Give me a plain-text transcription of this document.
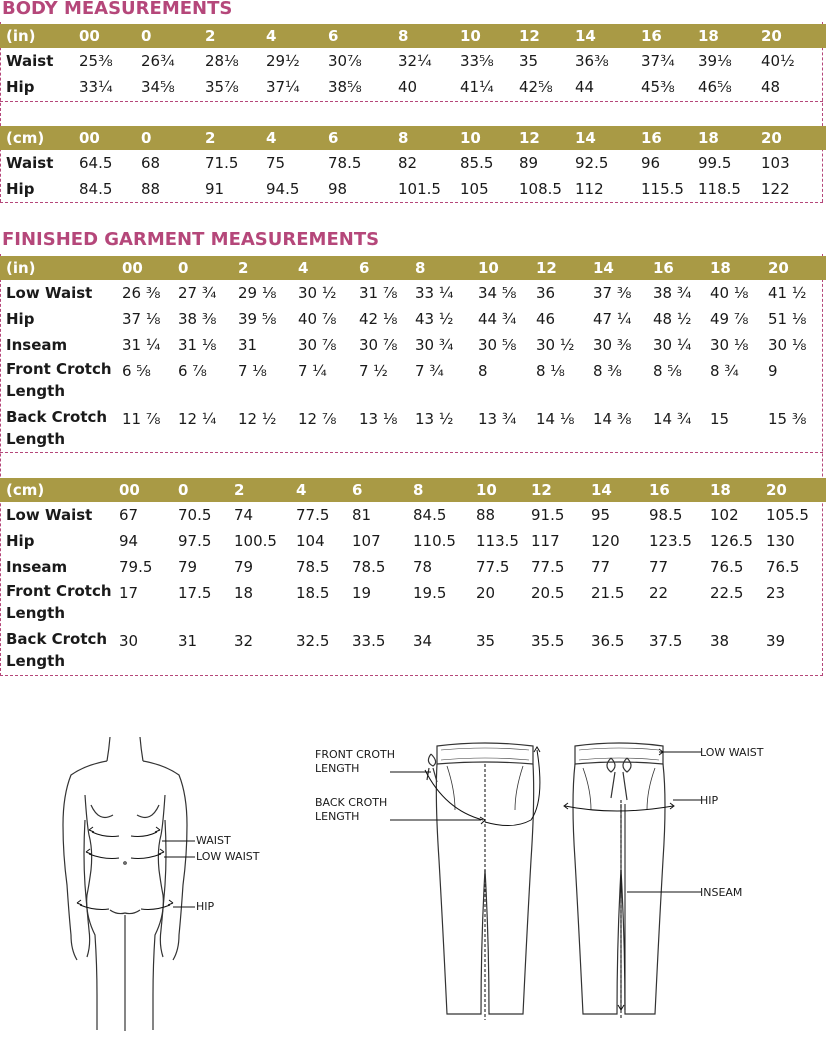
BODY MEASUREMENTS
(in)	00	0	2	4	6	8	10	12	14	16	18	20
Waist	25⅜	26¾	28⅛	29½	30⅞	32¼	33⅝	35	36⅜	37¾	39⅛	40½
Hip	33¼	34⅝	35⅞	37¼	38⅝	40	41¼	42⅝	44	45⅜	46⅝	48
(cm)	00	0	2	4	6	8	10	12	14	16	18	20
Waist	64.5	68	71.5	75	78.5	82	85.5	89	92.5	96	99.5	103
Hip	84.5	88	91	94.5	98	101.5	105	108.5	112	115.5	118.5	122
FINISHED GARMENT MEASUREMENTS
(in)	00	0	2	4	6	8	10	12	14	16	18	20
Low Waist	26 ⅜	27 ¾	29 ⅛	30 ½	31 ⅞	33 ¼	34 ⅝	36	37 ⅜	38 ¾	40 ⅛	41 ½
Hip	37 ⅛	38 ⅜	39 ⅝	40 ⅞	42 ⅛	43 ½	44 ¾	46	47 ¼	48 ½	49 ⅞	51 ⅛
Inseam	31 ¼	31 ⅛	31	30 ⅞	30 ⅞	30 ¾	30 ⅝	30 ½	30 ⅜	30 ¼	30 ⅛	30 ⅛
Front Crotch Length	6 ⅝	6 ⅞	7 ⅛	7 ¼	7 ½	7 ¾	8	8 ⅛	8 ⅜	8 ⅝	8 ¾	9
Back Crotch Length	11 ⅞	12 ¼	12 ½	12 ⅞	13 ⅛	13 ½	13 ¾	14 ⅛	14 ⅜	14 ¾	15	15 ⅜
(cm)	00	0	2	4	6	8	10	12	14	16	18	20
Low Waist	67	70.5	74	77.5	81	84.5	88	91.5	95	98.5	102	105.5
Hip	94	97.5	100.5	104	107	110.5	113.5	117	120	123.5	126.5	130
Inseam	79.5	79	79	78.5	78.5	78	77.5	77.5	77	77	76.5	76.5
Front Crotch Length	17	17.5	18	18.5	19	19.5	20	20.5	21.5	22	22.5	23
Back Crotch Length	30	31	32	32.5	33.5	34	35	35.5	36.5	37.5	38	39
WAIST
LOW WAIST
HIP
FRONT CROTH LENGTH
BACK CROTH LENGTH
LOW WAIST
HIP
INSEAM
